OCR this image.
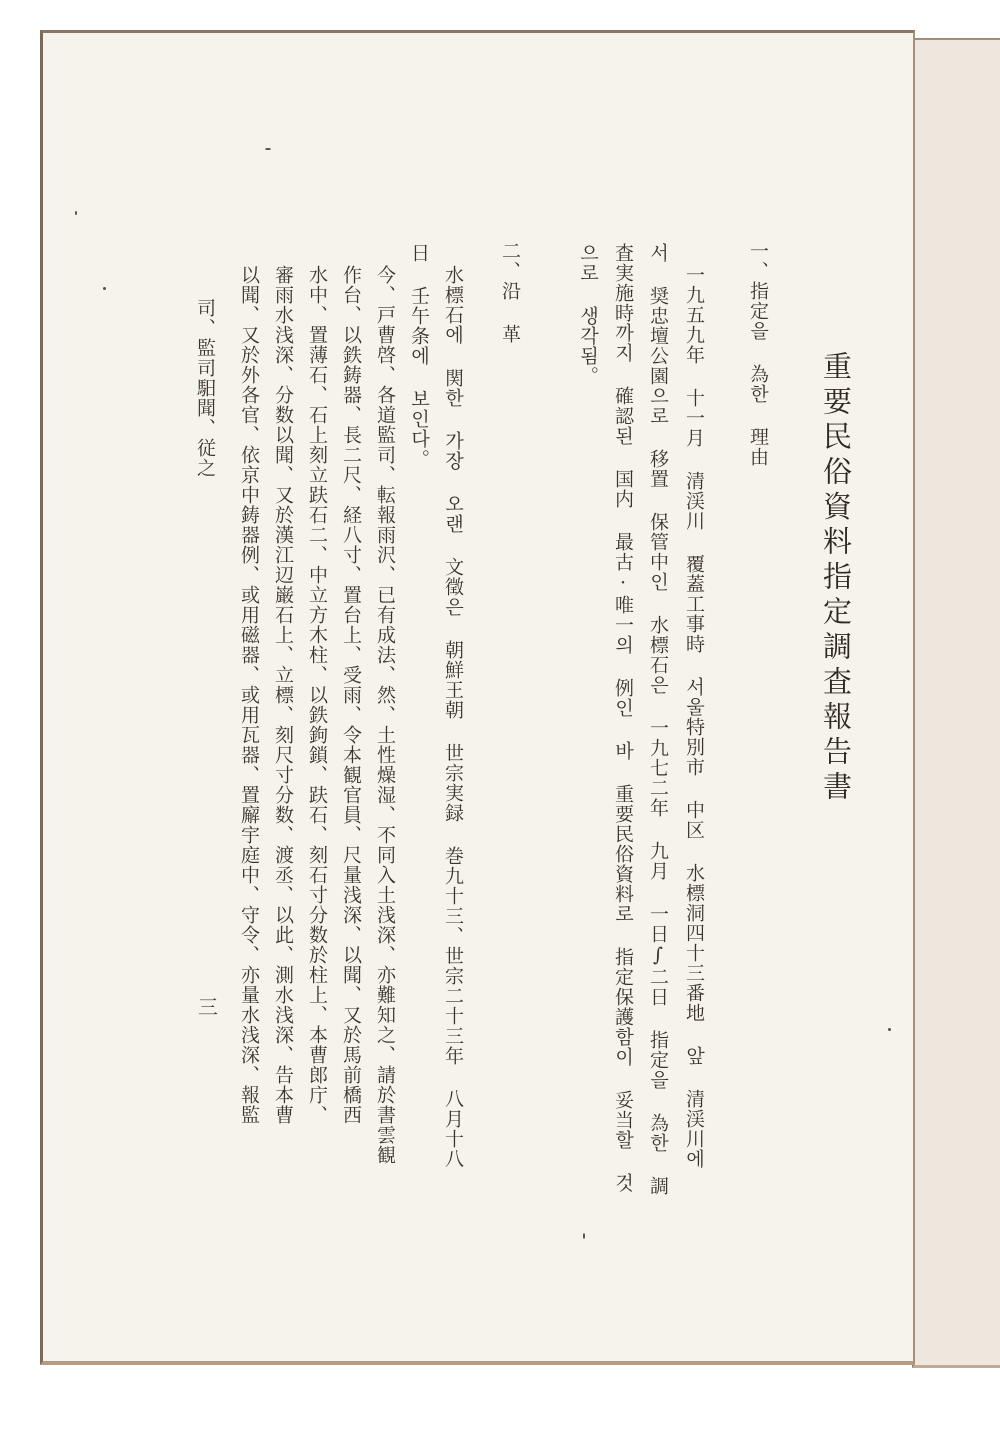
重要民俗資料指定調査報告書
一、指定을 為한 理由
一九五九年 十一月 清渓川 覆蓋工事時 서울特別市 中区 水標洞四十三番地 앞 清渓川에
서 奨忠壇公園으로 移置 保管中인 水標石은 一九七二年 九月 一日∫二日 指定을 為한 調
査実施時까지 確認된 国内 最古·唯一의 例인 바 重要民俗資料로 指定保護함이 妥当할 것
으로 생각됨。
二、沿 革
水標石에 関한 가장 오랜 文徵은 朝鮮王朝 世宗実録 巻九十三、世宗二十三年 八月十八
日 壬午条에 보인다。
今、戸曹啓、各道監司、転報雨沢、已有成法、然、土性燥湿、不同入土浅深、亦難知之、請於書雲観
作台、以鉄鋳器、長二尺、経八寸、置台上、受雨、令本観官員、尺量浅深、以聞、又於馬前橋西
水中、置薄石、石上刻立趺石二、中立方木柱、以鉄鉤鎖、趺石、刻石寸分数於柱上、本曹郎庁、
審雨水浅深、分数以聞、又於漢江辺巌石上、立標、刻尺寸分数、渡丞、以此、測水浅深、告本曹
以聞、又於外各官、依京中鋳器例、或用磁器、或用瓦器、置廨宇庭中、守令、亦量水浅深、報監
司、監司馹聞、従之
三
